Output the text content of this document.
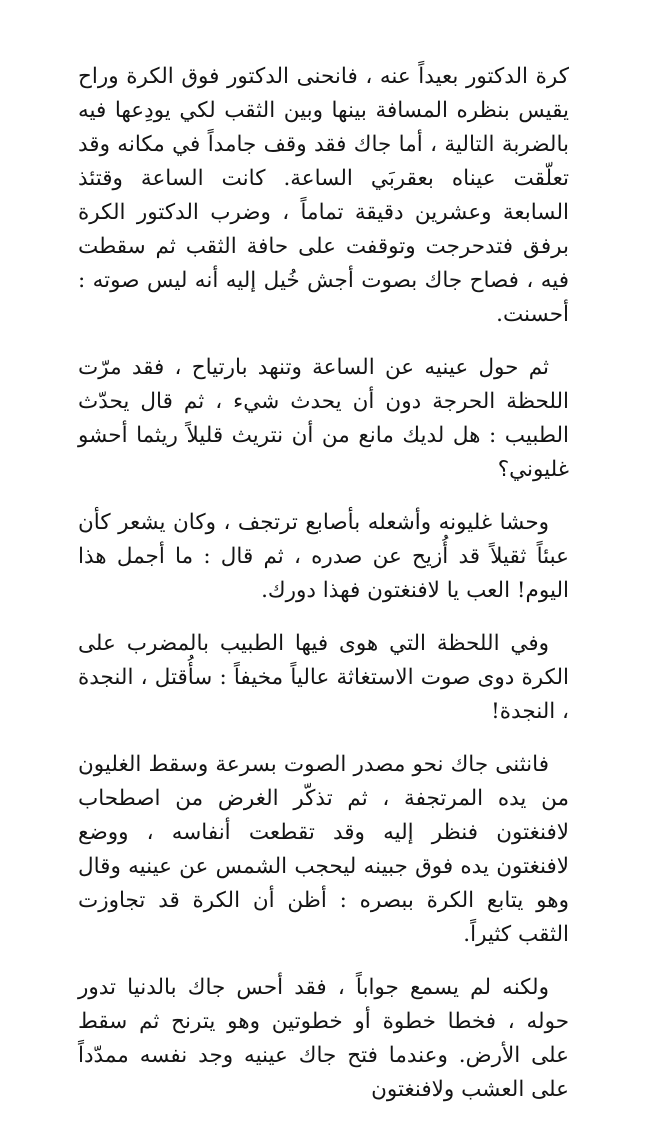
كرة الدكتور بعيداً عنه ، فانحنى الدكتور فوق الكرة وراح يقيس بنظره المسافة بينها وبين الثقب لكي يودِعها فيه بالضربة التالية ، أما جاك فقد وقف جامداً في مكانه وقد تعلّقت عيناه بعقربَي الساعة. كانت الساعة وقتئذ السابعة وعشرين دقيقة تماماً ، وضرب الدكتور الكرة برفق فتدحرجت وتوقفت على حافة الثقب ثم سقطت فيه ، فصاح جاك بصوت أجش خُيل إليه أنه ليس صوته : أحسنت.

ثم حول عينيه عن الساعة وتنهد بارتياح ، فقد مرّت اللحظة الحرجة دون أن يحدث شيء ، ثم قال يحدّث الطبيب : هل لديك مانع من أن نتريث قليلاً ريثما أحشو غليوني؟

وحشا غليونه وأشعله بأصابع ترتجف ، وكان يشعر كأن عبئاً ثقيلاً قد أُزيح عن صدره ، ثم قال : ما أجمل هذا اليوم! العب يا لافنغتون فهذا دورك.

وفي اللحظة التي هوى فيها الطبيب بالمضرب على الكرة دوى صوت الاستغاثة عالياً مخيفاً : سأُقتل ، النجدة ، النجدة!

فانثنى جاك نحو مصدر الصوت بسرعة وسقط الغليون من يده المرتجفة ، ثم تذكّر الغرض من اصطحاب لافنغتون فنظر إليه وقد تقطعت أنفاسه ، ووضع لافنغتون يده فوق جبينه ليحجب الشمس عن عينيه وقال وهو يتابع الكرة ببصره : أظن أن الكرة قد تجاوزت الثقب كثيراً.

ولكنه لم يسمع جواباً ، فقد أحس جاك بالدنيا تدور حوله ، فخطا خطوة أو خطوتين وهو يترنح ثم سقط على الأرض. وعندما فتح جاك عينيه وجد نفسه ممدّداً على العشب ولافنغتون
